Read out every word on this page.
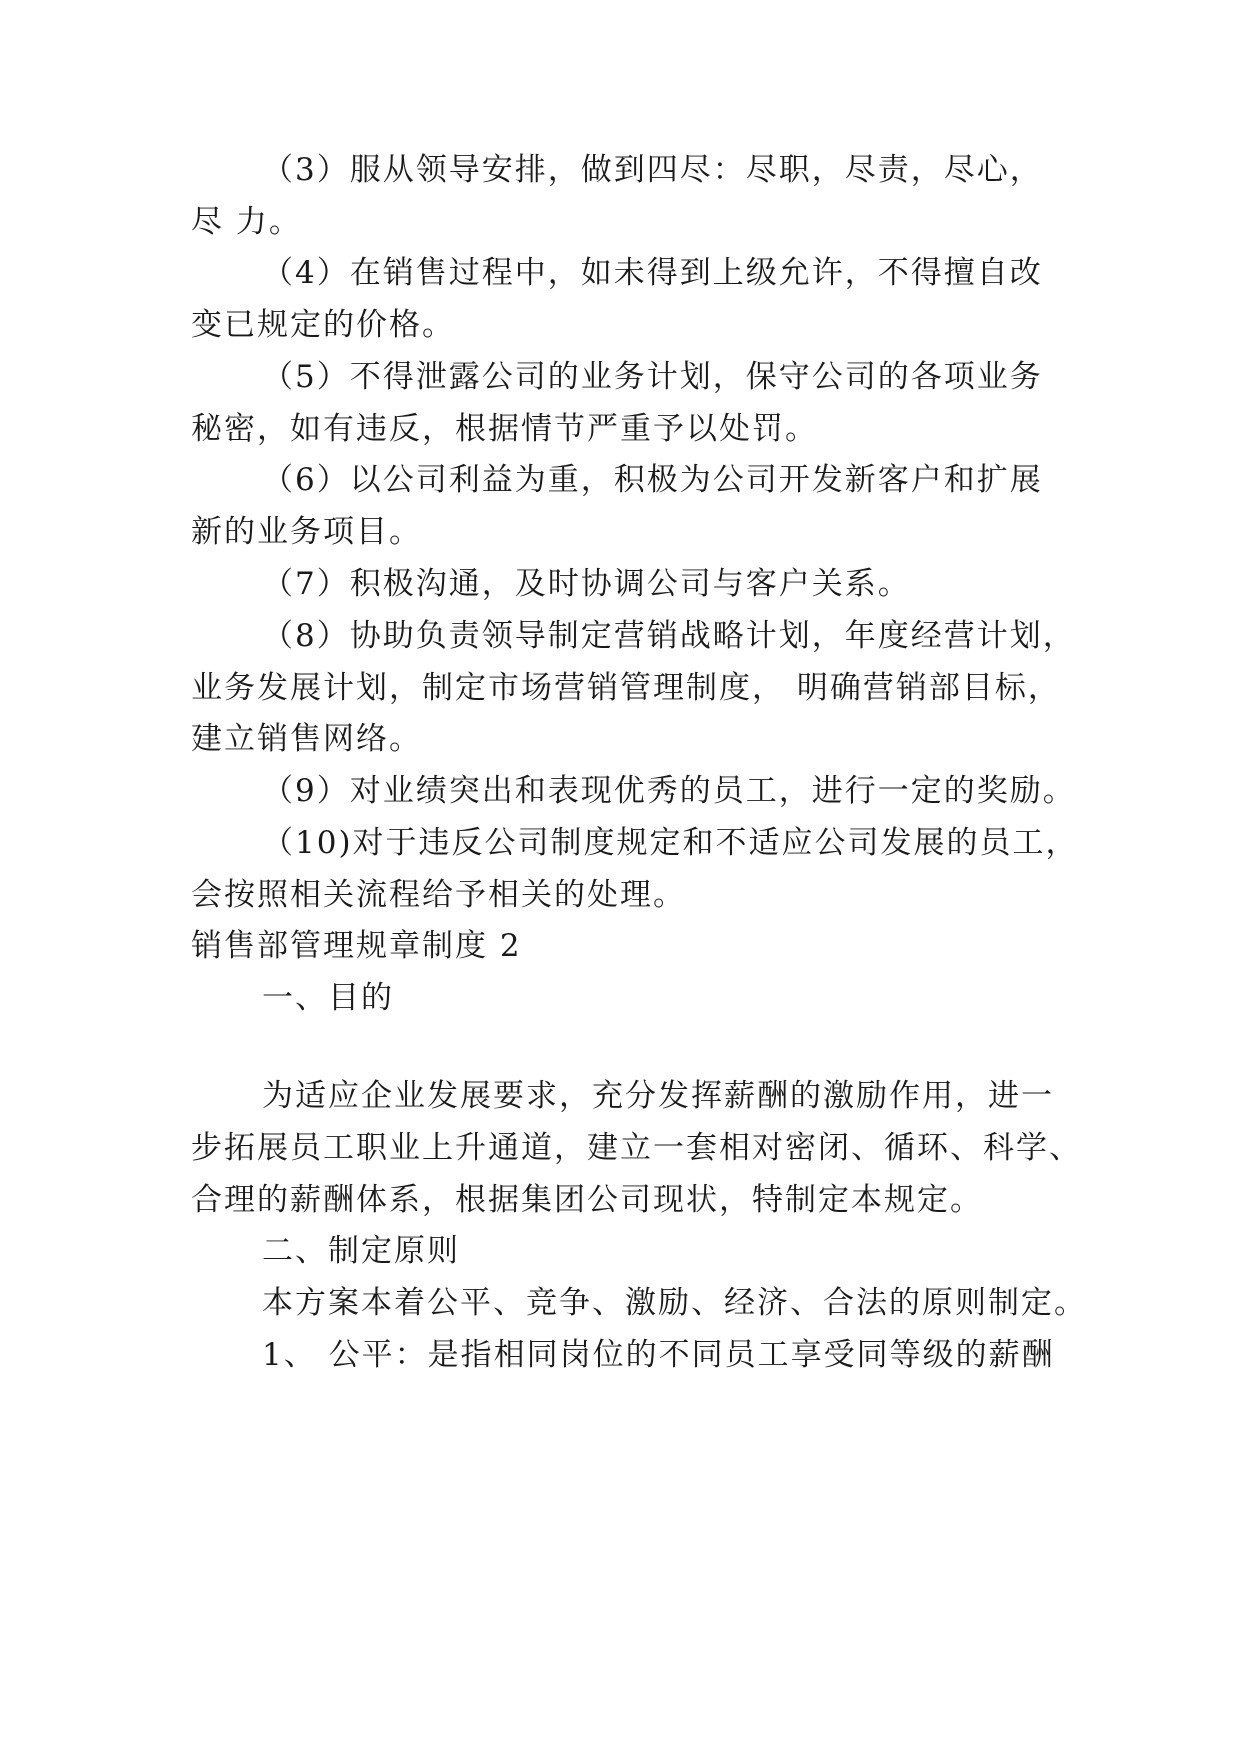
（3）服从领导安排，做到四尽：尽职，尽责，尽心，
尽 力。
（4）在销售过程中，如未得到上级允许，不得擅自改
变已规定的价格。
（5）不得泄露公司的业务计划，保守公司的各项业务
秘密，如有违反，根据情节严重予以处罚。
（6）以公司利益为重，积极为公司开发新客户和扩展
新的业务项目。
（7）积极沟通，及时协调公司与客户关系。
（8）协助负责领导制定营销战略计划，年度经营计划，
业务发展计划，制定市场营销管理制度， 明确营销部目标，
建立销售网络。
（9）对业绩突出和表现优秀的员工，进行一定的奖励。
（10)对于违反公司制度规定和不适应公司发展的员工，
会按照相关流程给予相关的处理。
销售部管理规章制度 2
一、目的
为适应企业发展要求，充分发挥薪酬的激励作用，进一
步拓展员工职业上升通道，建立一套相对密闭、循环、科学、
合理的薪酬体系，根据集团公司现状，特制定本规定。
二、制定原则
本方案本着公平、竞争、激励、经济、合法的原则制定。
1、 公平：是指相同岗位的不同员工享受同等级的薪酬
